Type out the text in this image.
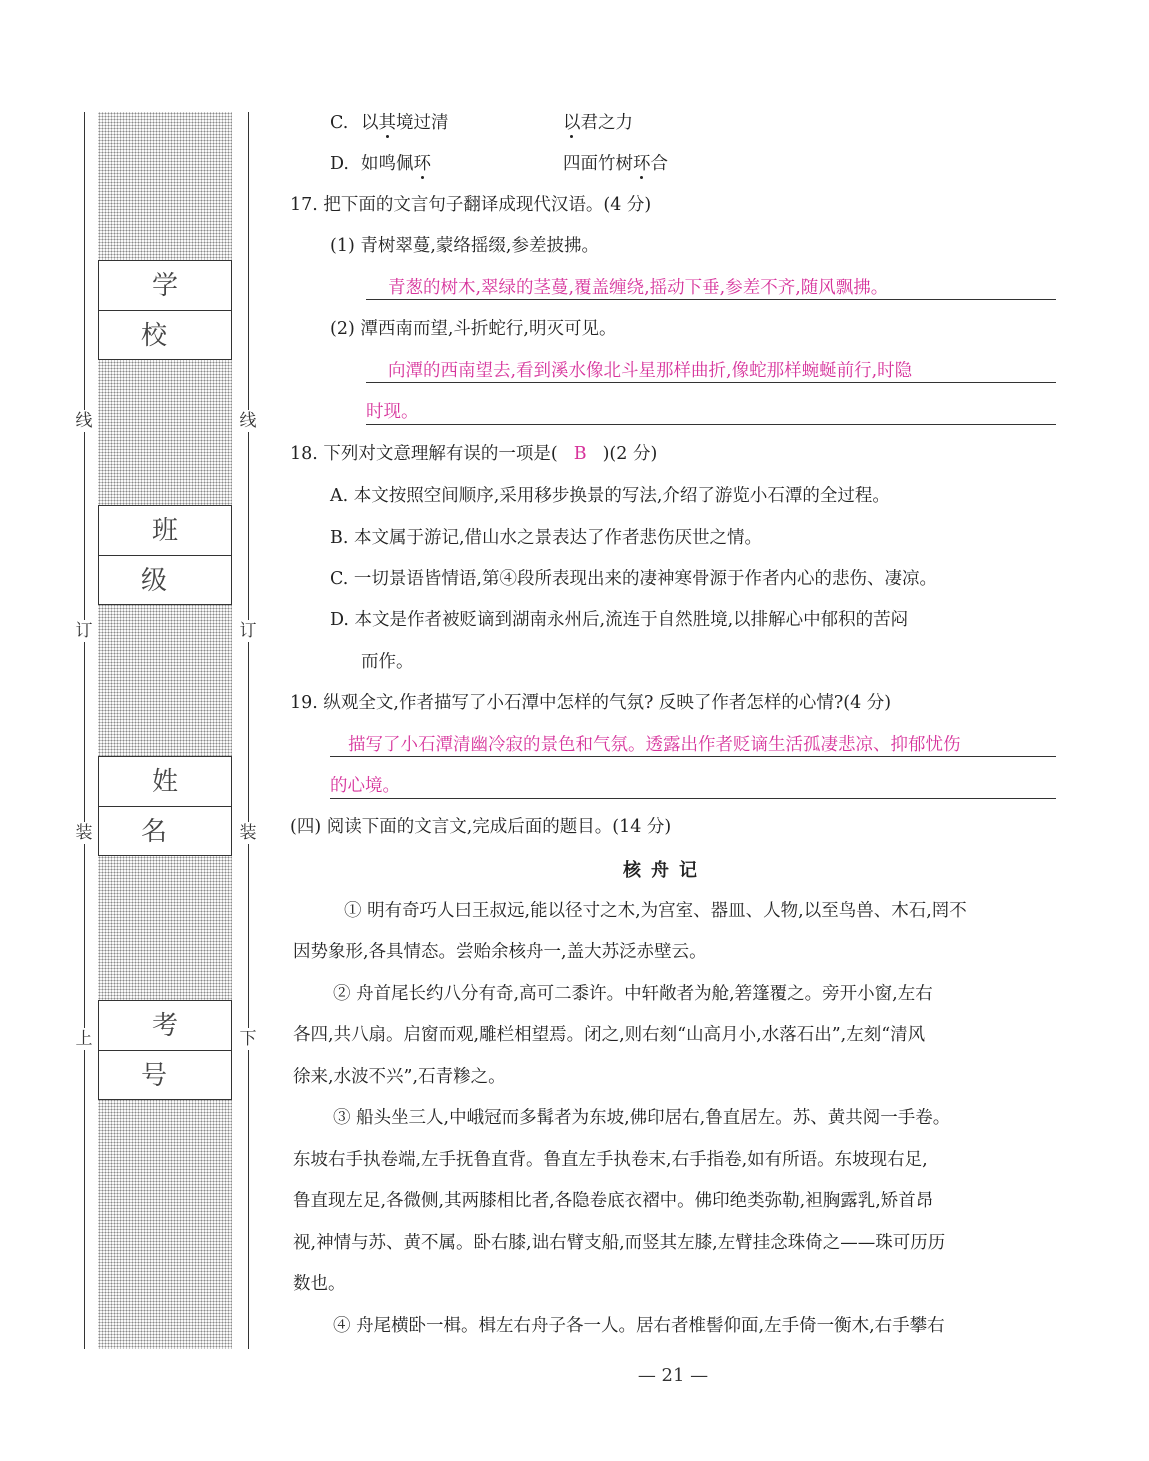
学 校
班 级
姓 名
考 号
线
订
装
上
线
订
装
下
C. 以其境过清	以君之力
D. 如鸣佩环	四面竹树环合
17. 把下面的文言句子翻译成现代汉语。(4 分)
(1) 青树翠蔓,蒙络摇缀,参差披拂。
青葱的树木,翠绿的茎蔓,覆盖缠绕,摇动下垂,参差不齐,随风飘拂。
(2) 潭西南而望,斗折蛇行,明灭可见。
向潭的西南望去,看到溪水像北斗星那样曲折,像蛇那样蜿蜒前行,时隐
时现。
18. 下列对文意理解有误的一项是( B )(2 分)
A. 本文按照空间顺序,采用移步换景的写法,介绍了游览小石潭的全过程。
B. 本文属于游记,借山水之景表达了作者悲伤厌世之情。
C. 一切景语皆情语,第④段所表现出来的凄神寒骨源于作者内心的悲伤、凄凉。
D. 本文是作者被贬谪到湖南永州后,流连于自然胜境,以排解心中郁积的苦闷
而作。
19. 纵观全文,作者描写了小石潭中怎样的气氛? 反映了作者怎样的心情?(4 分)
描写了小石潭清幽冷寂的景色和气氛。透露出作者贬谪生活孤凄悲凉、抑郁忧伤
的心境。
(四) 阅读下面的文言文,完成后面的题目。(14 分)
核舟记
① 明有奇巧人曰王叔远,能以径寸之木,为宫室、器皿、人物,以至鸟兽、木石,罔不
因势象形,各具情态。尝贻余核舟一,盖大苏泛赤壁云。
② 舟首尾长约八分有奇,高可二黍许。中轩敞者为舱,箬篷覆之。旁开小窗,左右
各四,共八扇。启窗而观,雕栏相望焉。闭之,则右刻“山高月小,水落石出”,左刻“清风
徐来,水波不兴”,石青糁之。
③ 船头坐三人,中峨冠而多髯者为东坡,佛印居右,鲁直居左。苏、黄共阅一手卷。
东坡右手执卷端,左手抚鲁直背。鲁直左手执卷末,右手指卷,如有所语。东坡现右足,
鲁直现左足,各微侧,其两膝相比者,各隐卷底衣褶中。佛印绝类弥勒,袒胸露乳,矫首昂
视,神情与苏、黄不属。卧右膝,诎右臂支船,而竖其左膝,左臂挂念珠倚之——珠可历历
数也。
④ 舟尾横卧一楫。楫左右舟子各一人。居右者椎髻仰面,左手倚一衡木,右手攀右
— 21 —
